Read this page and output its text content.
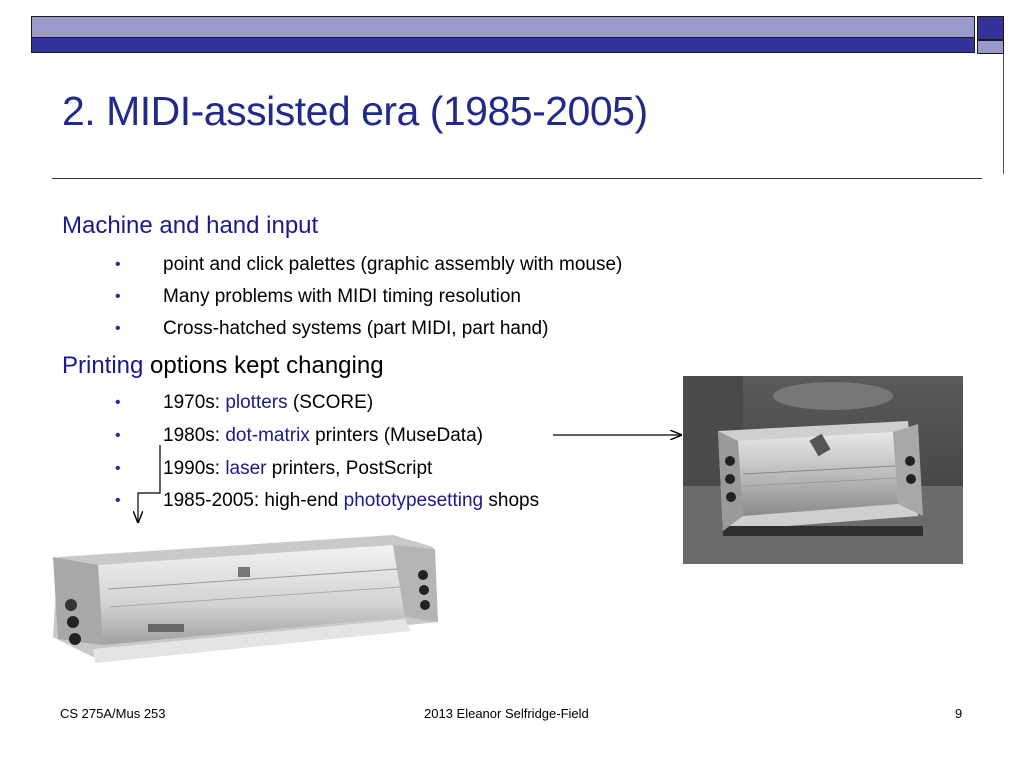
2. MIDI-assisted era (1985-2005)
Machine and hand input
• point and click palettes (graphic assembly with mouse)
• Many problems with MIDI timing resolution
• Cross-hatched systems (part MIDI, part hand)
Printing options kept changing
• 1970s: plotters (SCORE)
• 1980s: dot-matrix printers (MuseData)
• 1990s: laser printers, PostScript
• 1985-2005: high-end phototypesetting shops
CS 275A/Mus 253	2013 Eleanor Selfridge-Field	9
